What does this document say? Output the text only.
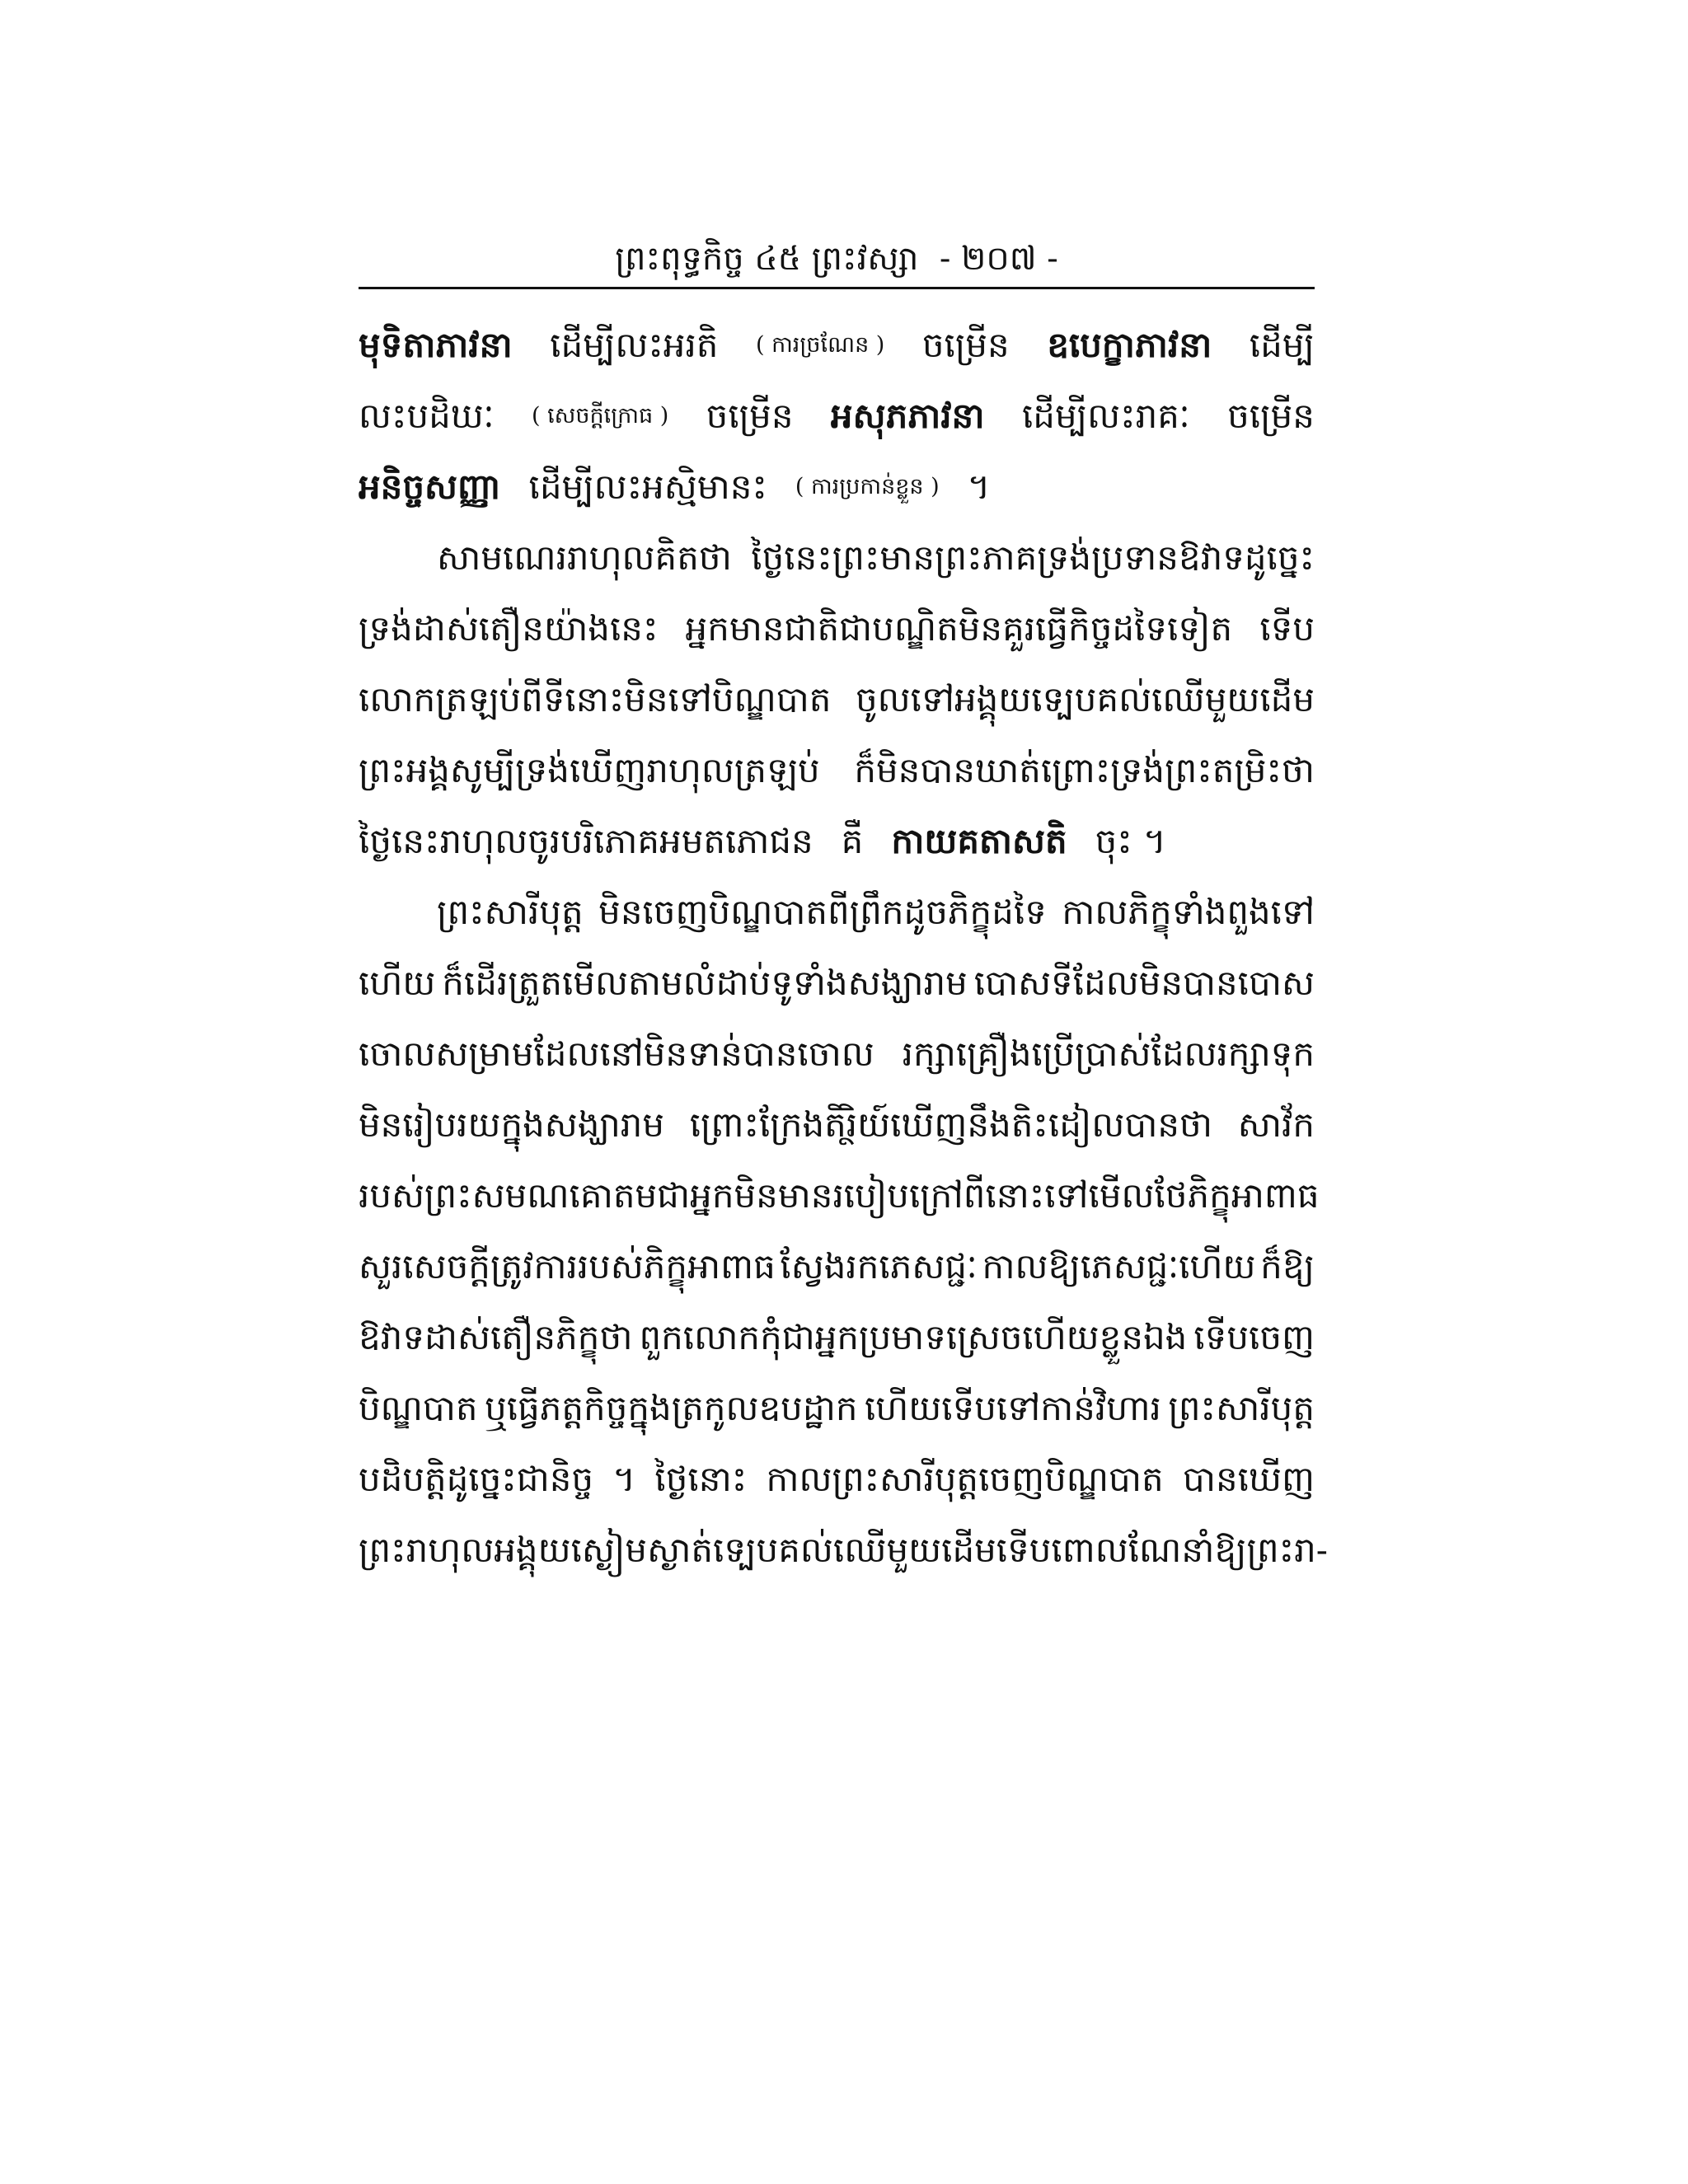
ព្រះពុទ្ធកិច្ច ៤៥ ព្រះវស្សា - ២០៧ -
មុទិតាភាវនា ដើម្បីលះអរតិ ( ការច្រណែន ) ចម្រើន ឧបេក្ខាភាវនា ដើម្បី
លះបដិឃៈ ( សេចក្ដីក្រោធ ) ចម្រើន អសុភភាវនា ដើម្បីលះរាគៈ ចម្រើន
អនិច្ចសញ្ញា ដើម្បីលះអស្មិមានះ ( ការប្រកាន់ខ្លួន ) ។
សាមណេររាហុលគិតថា ថ្ងៃនេះព្រះមានព្រះភាគទ្រង់ប្រទានឱវាទដូច្នេះ
ទ្រង់ដាស់តឿនយ៉ាងនេះ អ្នកមានជាតិជាបណ្ឌិតមិនគួរធ្វើកិច្ចដទៃទៀត ទើប
លោកត្រឡប់ពីទីនោះមិនទៅបិណ្ឌបាត ចូលទៅអង្គុយទ្បេបគល់ឈើមួយដើម
ព្រះអង្គសូម្បីទ្រង់ឃើញរាហុលត្រឡប់ ក៏មិនបានឃាត់ព្រោះទ្រង់ព្រះតម្រិះថា
ថ្ងៃនេះរាហុលចូរបរិភោគអមតភោជន គឺ កាយគតាសតិ ចុះ ។
ព្រះសារីបុត្ត មិនចេញបិណ្ឌបាតពីព្រឹកដូចភិក្ខុដទៃ កាលភិក្ខុទាំងពួងទៅ
ហើយ ក៏ដើរត្រួតមើលតាមលំដាប់ទូទាំងសង្ឃារាម បោសទីដែលមិនបានបោស
ចោលសម្រាមដែលនៅមិនទាន់បានចោល រក្សាគ្រឿងប្រើប្រាស់ដែលរក្សាទុក
មិនរៀបរយក្នុងសង្ឃារាម ព្រោះក្រែងតិរ្ថិយ៍ឃើញនឹងតិះដៀលបានថា សាវ័ក
របស់ព្រះសមណគោតមជាអ្នកមិនមានរបៀប ក្រៅពីនោះទៅមើលថែភិក្ខុអាពាធ
សួរសេចក្ដីត្រូវការរបស់ភិក្ខុអាពាធ ស្វែងរកភេសជ្ជៈ កាលឱ្យភេសជ្ជៈហើយ ក៏ឱ្យ
ឱវាទដាស់តឿនភិក្ខុថា ពួកលោកកុំជាអ្នកប្រមាទស្រេចហើយខ្លួនឯង ទើបចេញ
បិណ្ឌបាត ឬធ្វើភត្តកិច្ចក្នុងត្រកូលឧបដ្ឋាក ហើយទើបទៅកាន់វិហារ ព្រះសារីបុត្ត
បដិបត្តិដូច្នេះជានិច្ច ។ ថ្ងៃនោះ កាលព្រះសារីបុត្តចេញបិណ្ឌបាត បានឃើញ
ព្រះរាហុលអង្គុយស្ងៀមស្ងាត់ទ្បេបគល់ឈើមួយដើម ទើបពោលណែនាំឱ្យព្រះរា-
